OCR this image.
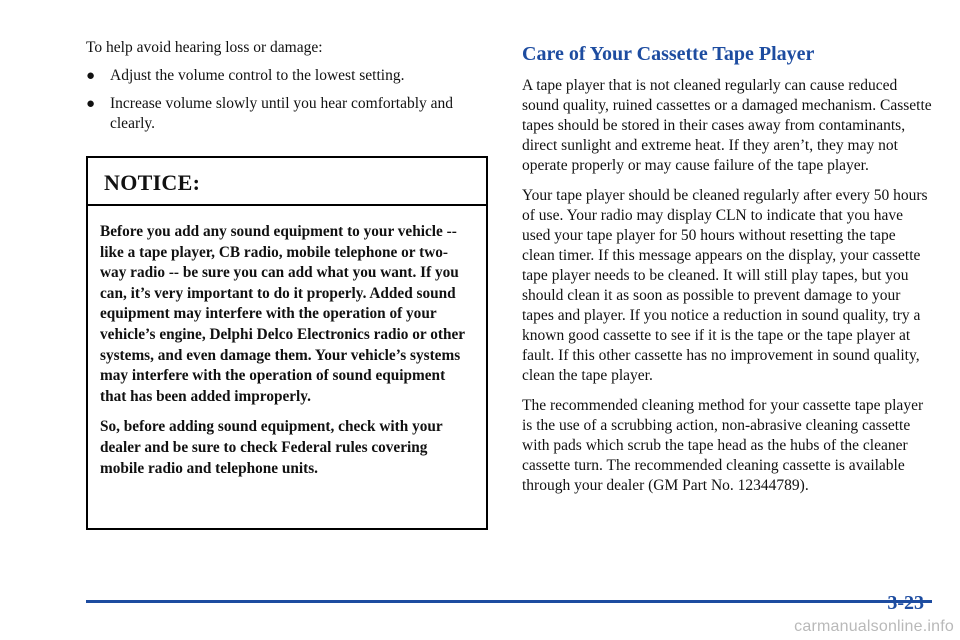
To help avoid hearing loss or damage:

● Adjust the volume control to the lowest setting.
● Increase volume slowly until you hear comfortably and clearly.
NOTICE:

Before you add any sound equipment to your vehicle -- like a tape player, CB radio, mobile telephone or two-way radio -- be sure you can add what you want. If you can, it’s very important to do it properly. Added sound equipment may interfere with the operation of your vehicle’s engine, Delphi Delco Electronics radio or other systems, and even damage them. Your vehicle’s systems may interfere with the operation of sound equipment that has been added improperly.

So, before adding sound equipment, check with your dealer and be sure to check Federal rules covering mobile radio and telephone units.

Care of Your Cassette Tape Player

A tape player that is not cleaned regularly can cause reduced sound quality, ruined cassettes or a damaged mechanism. Cassette tapes should be stored in their cases away from contaminants, direct sunlight and extreme heat. If they aren’t, they may not operate properly or may cause failure of the tape player.

Your tape player should be cleaned regularly after every 50 hours of use. Your radio may display CLN to indicate that you have used your tape player for 50 hours without resetting the tape clean timer. If this message appears on the display, your cassette tape player needs to be cleaned. It will still play tapes, but you should clean it as soon as possible to prevent damage to your tapes and player. If you notice a reduction in sound quality, try a known good cassette to see if it is the tape or the tape player at fault. If this other cassette has no improvement in sound quality, clean the tape player.

The recommended cleaning method for your cassette tape player is the use of a scrubbing action, non-abrasive cleaning cassette with pads which scrub the tape head as the hubs of the cleaner cassette turn. The recommended cleaning cassette is available through your dealer (GM Part No. 12344789).

3-23
carmanualsonline.info
